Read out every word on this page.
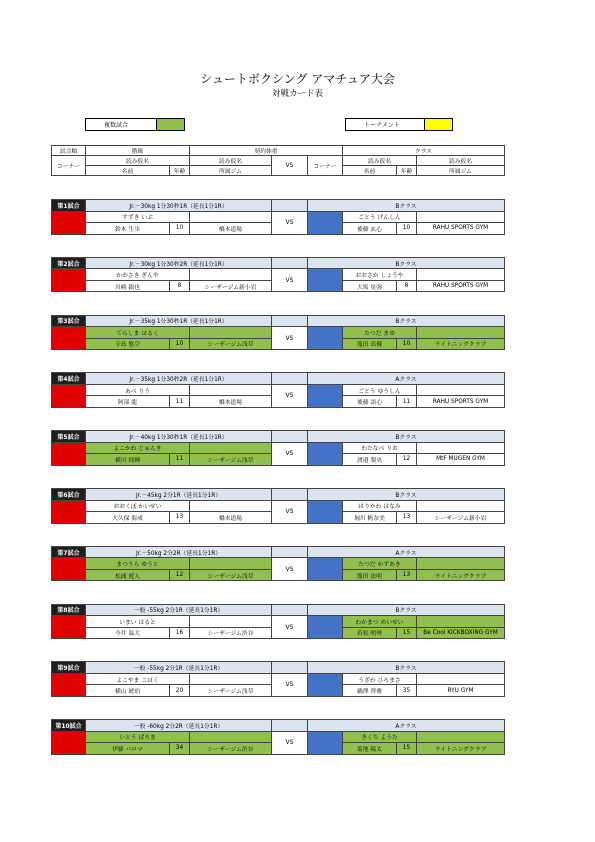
シュートボクシング アマチュア大会
対戦カード表
複数試合	トーナメント
試合順	階級		契約体重			クラス		
コーナー	読み仮名		読み仮名	VS	コーナー	読み仮名		読み仮名
	名前	年齢	所属ジム			名前	年齢	所属ジム
第1試合	Jr.－30kg 1分30秒1R（延長1分1R）				Bクラス			
	すずき いぶ			VS		ごとう げんしん		
	鈴木 生歩	10	橋本道場			後藤 玄心	10	RAHU SPORTS GYM
第2試合	Jr.－30kg 1分30秒2R（延長1分1R）				Bクラス			
	かわさき ぎんや			VS		おおさか しょうや		
	川崎 銀也	8	シーザージム新小岩			大坂 星弥	8	RAHU SPORTS GYM
第3試合	Jr.－35kg 1分30秒1R（延長1分1R）				Bクラス			
	てらしま はるく			VS		たつだ まゆ		
	寺島 悠空	10	シーザージム浅草			龍田 真優	10	ライトニングクラブ
第4試合	Jr.－35kg 1分30秒2R（延長1分1R）				Aクラス			
	あべ りう			VS		ごとう ゆうしん		
	阿部 龍	11	橋本道場			後藤 語心	11	RAHU SPORTS GYM
第5試合	Jr.－40kg 1分30秒1R（延長1分1R）				Bクラス			
	よこかわ じゅんき			VS		わたなべ りお		
	横川 純輝	11	シーザージム浅草			渡邉 梨央	12	MtF MUGEN GYM
第6試合	Jr.－45kg 2分1R（延長1分1R）				Bクラス			
	おおくぼ かいせい			VS		ほりかわ はなみ		
	大久保 海成	13	橋本道場			堀川 帆奈美	13	シーザージム新小岩
第7試合	Jr.－50kg 2分2R（延長1分1R）				Aクラス			
	まつうら ゆうと			VS		たつだ かずあき		
	松浦 遊人	12	シーザージム浅草			龍田 法明	13	ライトニングクラブ
第8試合	一般 -55kg 2分1R（延長1分1R）				Bクラス			
	いまい はると			VS		わかまつ めいせい		
	今井 温大	16	シーザージム渋谷			若松 明勢	15	Be Cool KICKBOXING GYM
第9試合	一般 -55kg 2分1R（延長1分1R）				Bクラス			
	よこやま こはく			VS		うざわ ひろまさ		
	横山 琥珀	20	シーザージム浅草			鵜澤 啓雅	35	RYU GYM
第10試合	一般 -60kg 2分2R（延長1分1R）				Aクラス			
	いとう ぱろま			VS		きくち ようた		
	伊藤 パロマ	34	シーザージム渋谷			菊地 陽太	15	ライトニングクラブ
